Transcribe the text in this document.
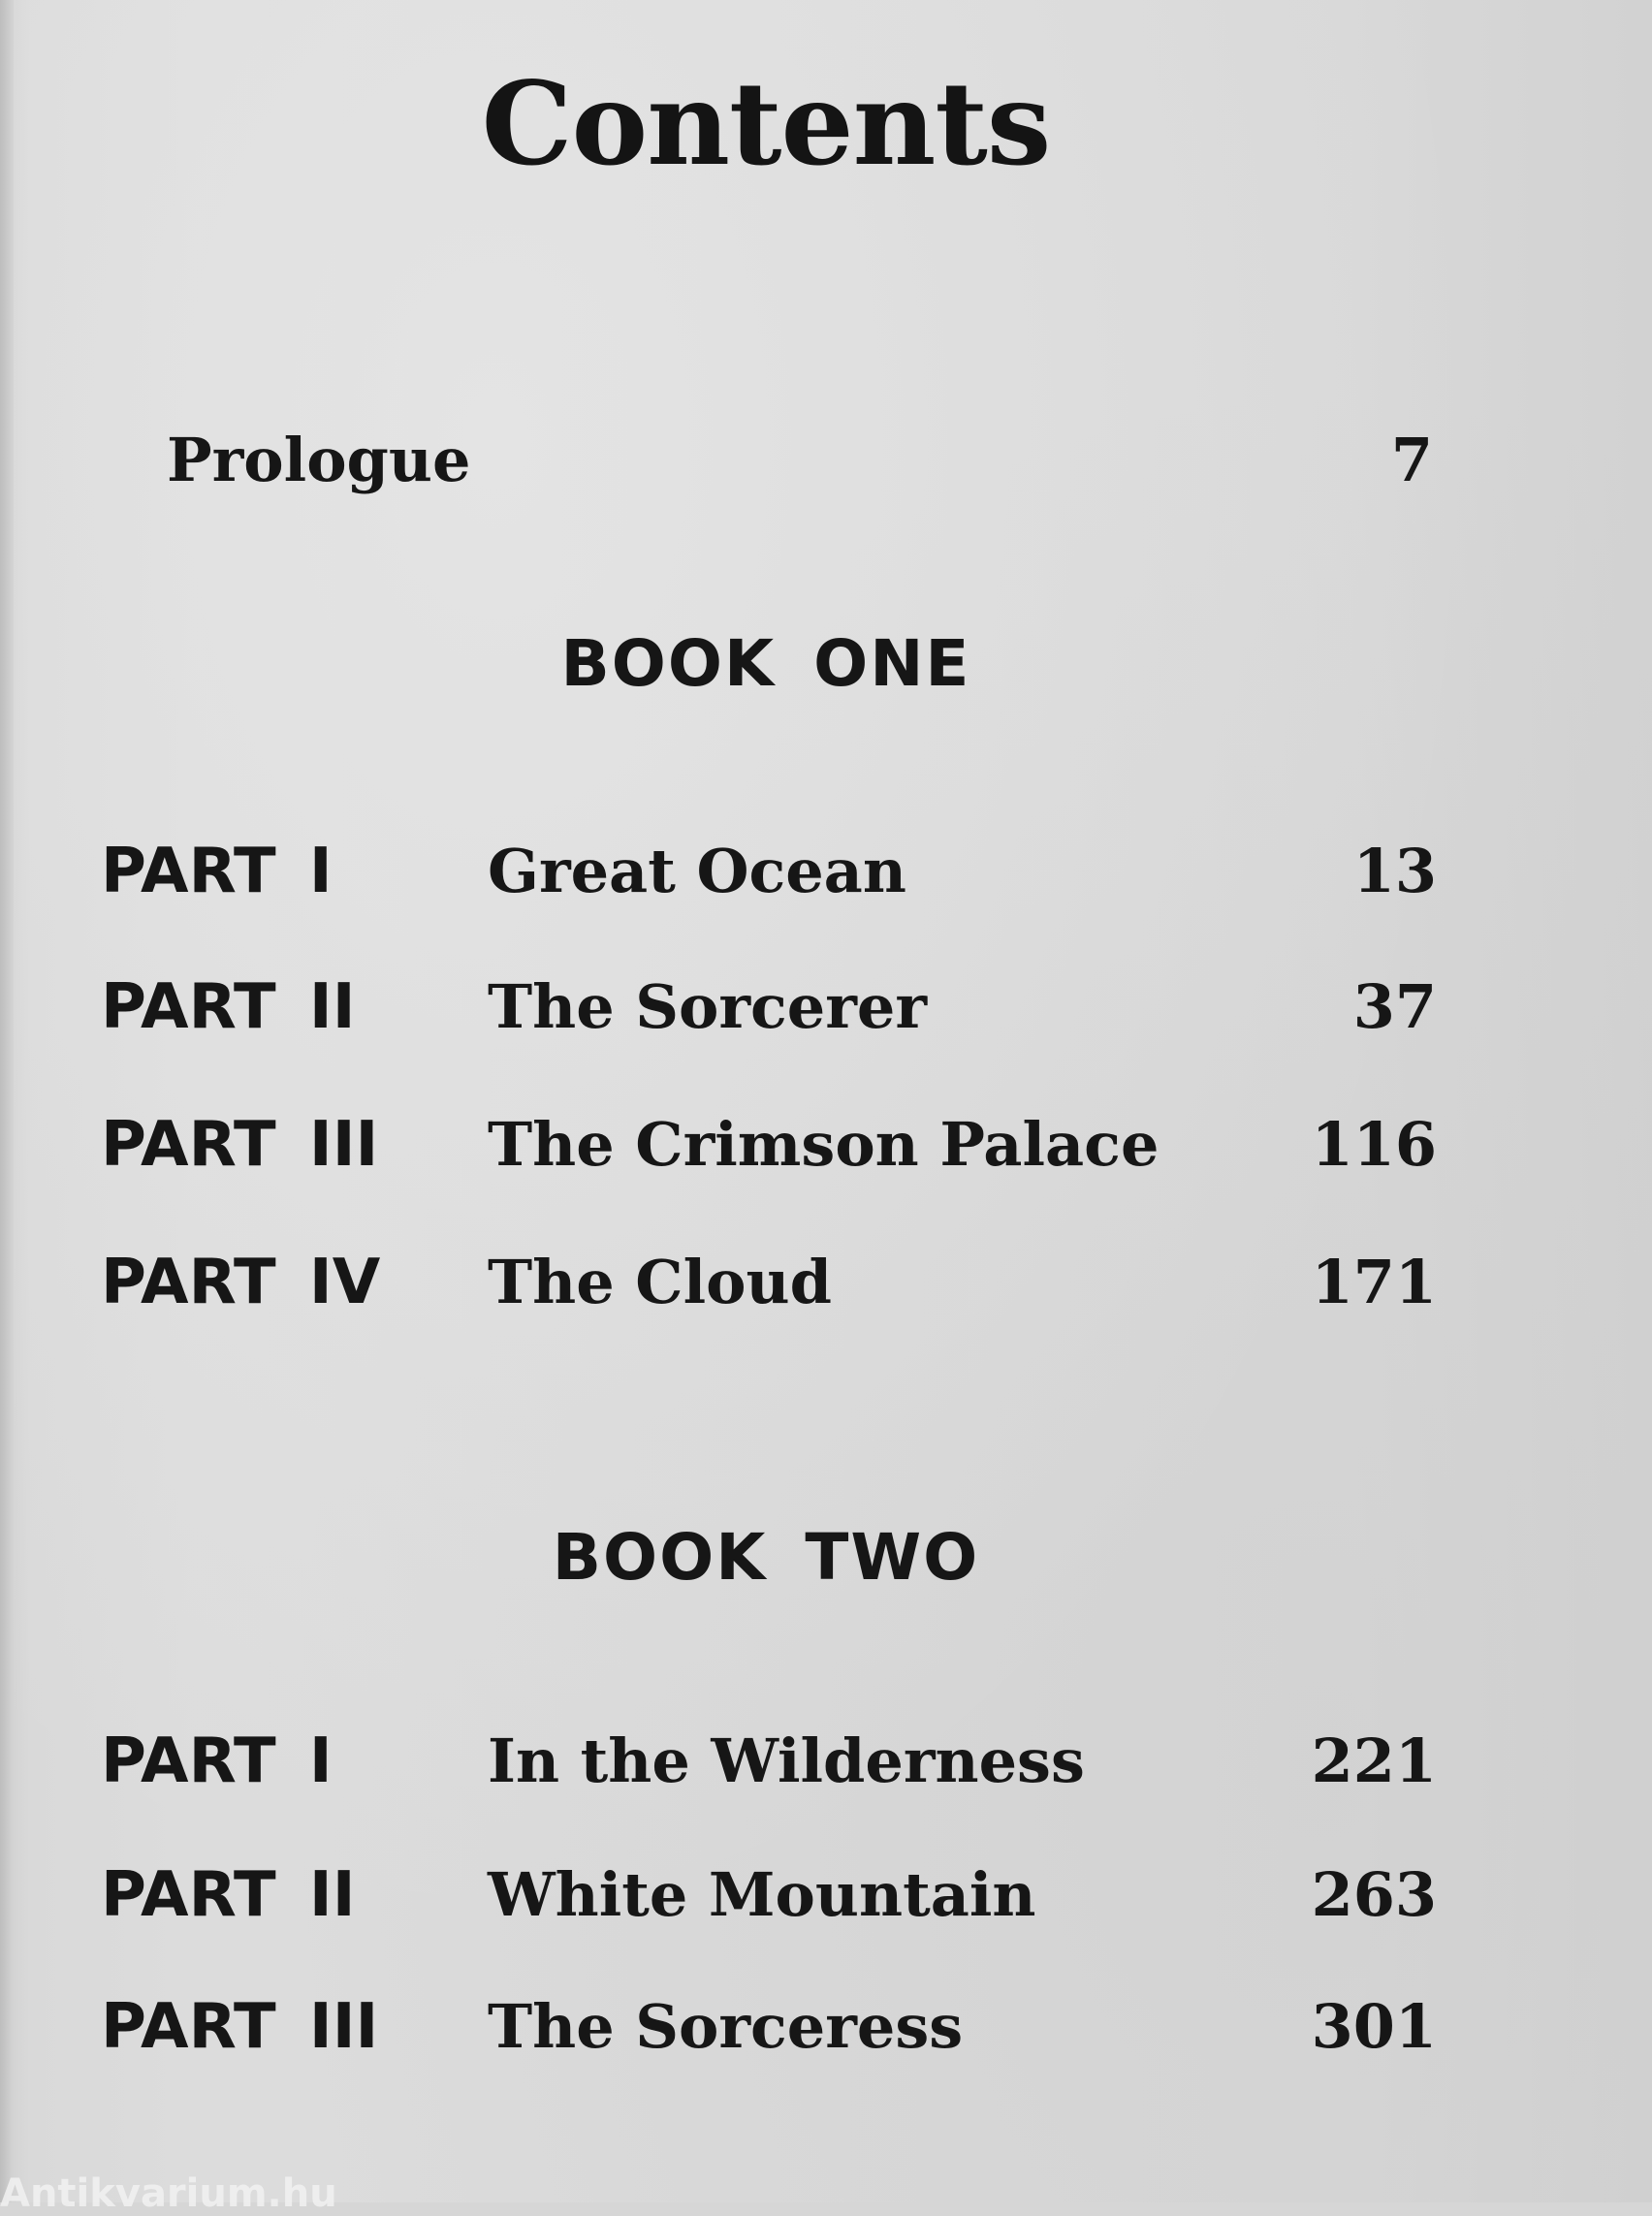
Contents
Prologue	7
BOOK ONE
PART I	Great Ocean	13
PART II The Sorcerer	37
PART III The Crimson Palace	116
PART IV The Cloud	171
BOOK TWO
PART I	In the Wilderness	221
PART II White Mountain	263
PART III The Sorceress	301
Antikvarium.hu
